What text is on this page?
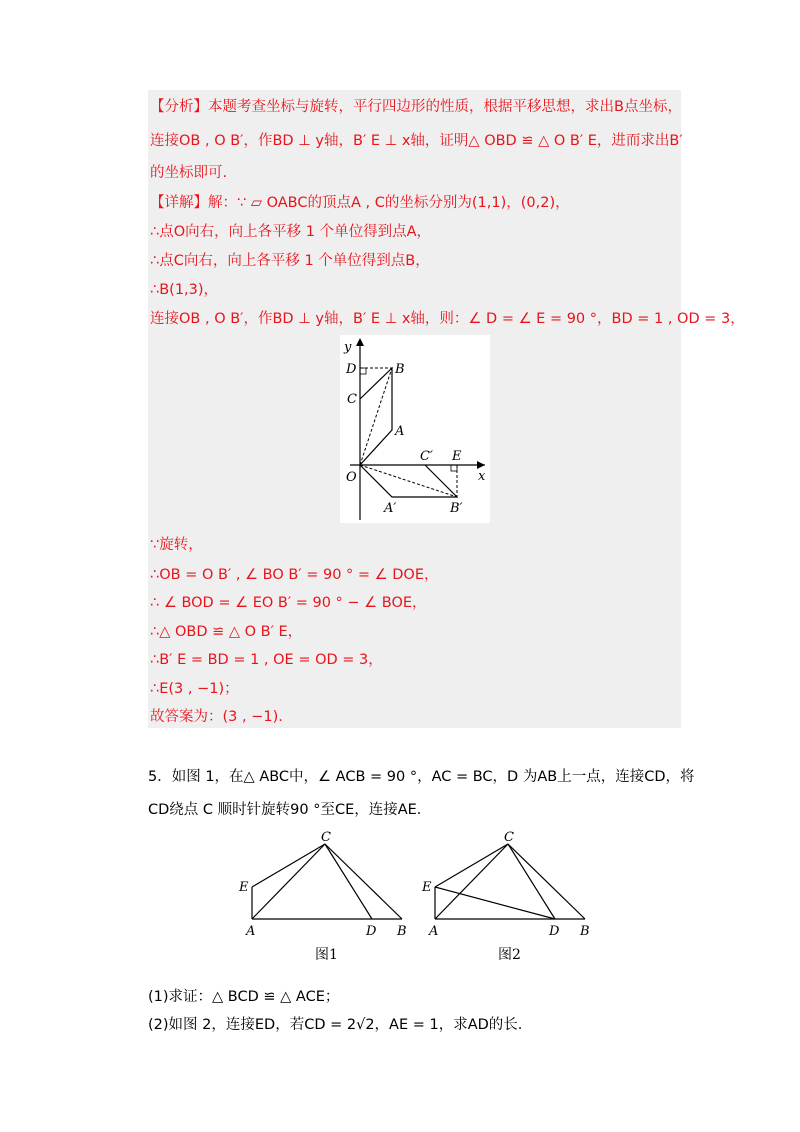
【分析】本题考查坐标与旋转，平行四边形的性质，根据平移思想，求出B点坐标，
连接OB , O B′，作BD ⊥ y轴，B′ E ⊥ x轴，证明△ OBD ≌ △ O B′ E，进而求出B′
的坐标即可.
【详解】解：∵ ▱ OABC的顶点A , C的坐标分别为(1,1)，(0,2)，
∴点O向右，向上各平移 1 个单位得到点A，
∴点C向右，向上各平移 1 个单位得到点B，
∴B(1,3)，
连接OB , O B′，作BD ⊥ y轴，B′ E ⊥ x轴，则：∠ D = ∠ E = 90 °，BD = 1 , OD = 3，
y
x
D	B
C
A
O
C′ E
A′	B′
∵旋转，
∴OB = O B′ , ∠ BO B′ = 90 ° = ∠ DOE，
∴ ∠ BOD = ∠ EO B′ = 90 ° − ∠ BOE，
∴△ OBD ≌ △ O B′ E，
∴B′ E = BD = 1 , OE = OD = 3，
∴E(3 , −1)；
故答案为：(3 , −1).
5．如图 1，在△ ABC中，∠ ACB = 90 °，AC = BC，D 为AB上一点，连接CD，将
CD绕点 C 顺时针旋转90 °至CE，连接AE.
C
E
A	D B
图1
C
E
A	D B
图2
(1)求证：△ BCD ≌ △ ACE；
(2)如图 2，连接ED，若CD = 2√2，AE = 1，求AD的长.
